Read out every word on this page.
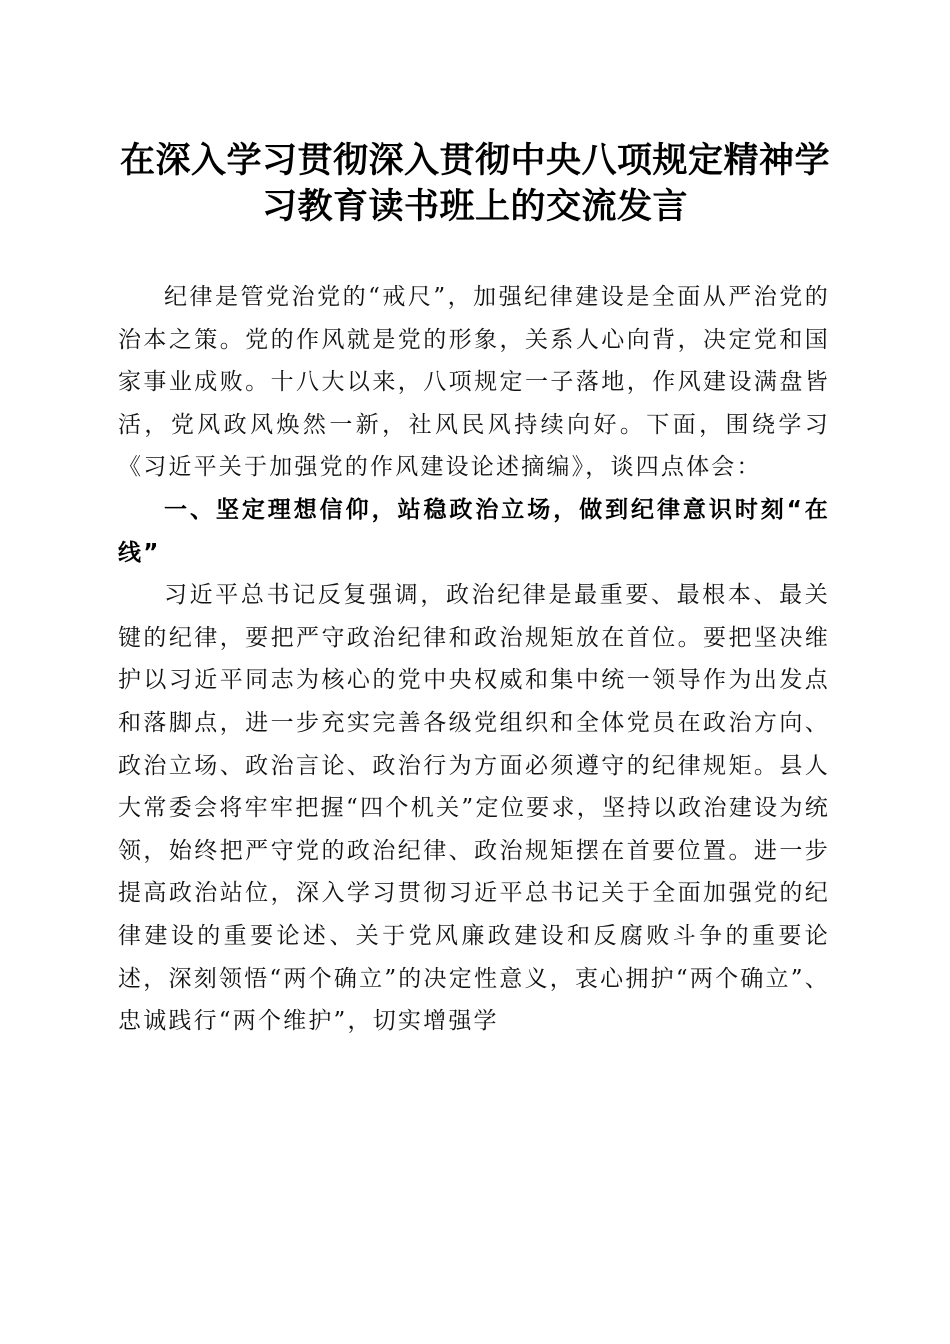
在深入学习贯彻深入贯彻中央八项规定精神学
习教育读书班上的交流发言

纪律是管党治党的“戒尺”，加强纪律建设是全面从严治党的治本之策。党的作风就是党的形象，关系人心向背，决定党和国家事业成败。十八大以来，八项规定一子落地，作风建设满盘皆活，党风政风焕然一新，社风民风持续向好。下面，围绕学习《习近平关于加强党的作风建设论述摘编》，谈四点体会：

一、坚定理想信仰，站稳政治立场，做到纪律意识时刻“在线”

习近平总书记反复强调，政治纪律是最重要、最根本、最关键的纪律，要把严守政治纪律和政治规矩放在首位。要把坚决维护以习近平同志为核心的党中央权威和集中统一领导作为出发点和落脚点，进一步充实完善各级党组织和全体党员在政治方向、政治立场、政治言论、政治行为方面必须遵守的纪律规矩。县人大常委会将牢牢把握“四个机关”定位要求，坚持以政治建设为统领，始终把严守党的政治纪律、政治规矩摆在首要位置。进一步提高政治站位，深入学习贯彻习近平总书记关于全面加强党的纪律建设的重要论述、关于党风廉政建设和反腐败斗争的重要论述，深刻领悟“两个确立”的决定性意义，衷心拥护“两个确立”、忠诚践行“两个维护”，切实增强学
